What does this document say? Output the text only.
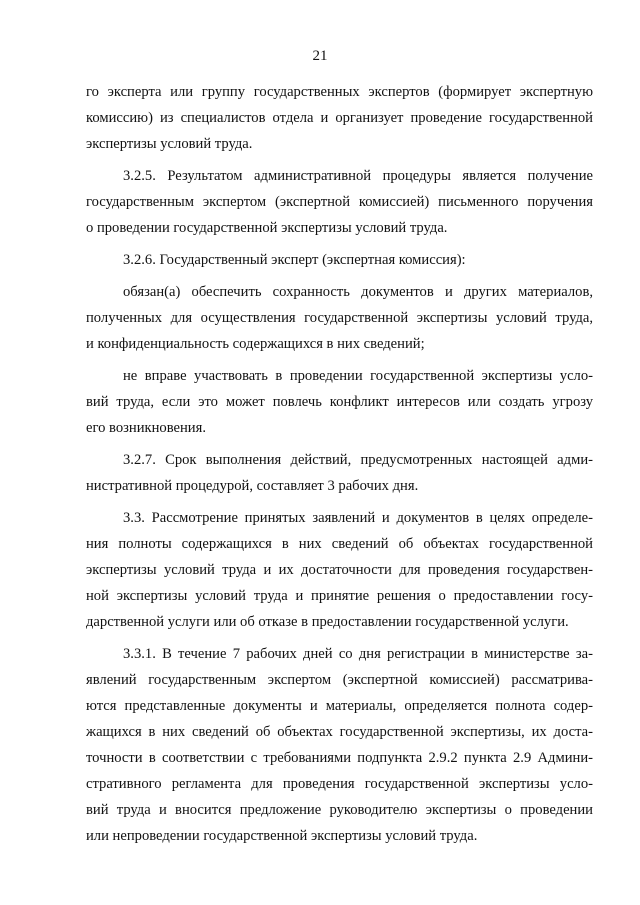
21
го эксперта или группу государственных экспертов (формирует экспертную
комиссию) из специалистов отдела и организует проведение государственной
экспертизы условий труда.
3.2.5. Результатом административной процедуры является получение
государственным экспертом (экспертной комиссией) письменного поручения
о проведении государственной экспертизы условий труда.
3.2.6. Государственный эксперт (экспертная комиссия):
обязан(а) обеспечить сохранность документов и других материалов,
полученных для осуществления государственной экспертизы условий труда,
и конфиденциальность содержащихся в них сведений;
не вправе участвовать в проведении государственной экспертизы усло-
вий труда, если это может повлечь конфликт интересов или создать угрозу
его возникновения.
3.2.7. Срок выполнения действий, предусмотренных настоящей адми-
нистративной процедурой, составляет 3 рабочих дня.
3.3. Рассмотрение принятых заявлений и документов в целях определе-
ния полноты содержащихся в них сведений об объектах государственной
экспертизы условий труда и их достаточности для проведения государствен-
ной экспертизы условий труда и принятие решения о предоставлении госу-
дарственной услуги или об отказе в предоставлении государственной услуги.
3.3.1. В течение 7 рабочих дней со дня регистрации в министерстве за-
явлений государственным экспертом (экспертной комиссией) рассматрива-
ются представленные документы и материалы, определяется полнота содер-
жащихся в них сведений об объектах государственной экспертизы, их доста-
точности в соответствии с требованиями подпункта 2.9.2 пункта 2.9 Админи-
стративного регламента для проведения государственной экспертизы усло-
вий труда и вносится предложение руководителю экспертизы о проведении
или непроведении государственной экспертизы условий труда.
